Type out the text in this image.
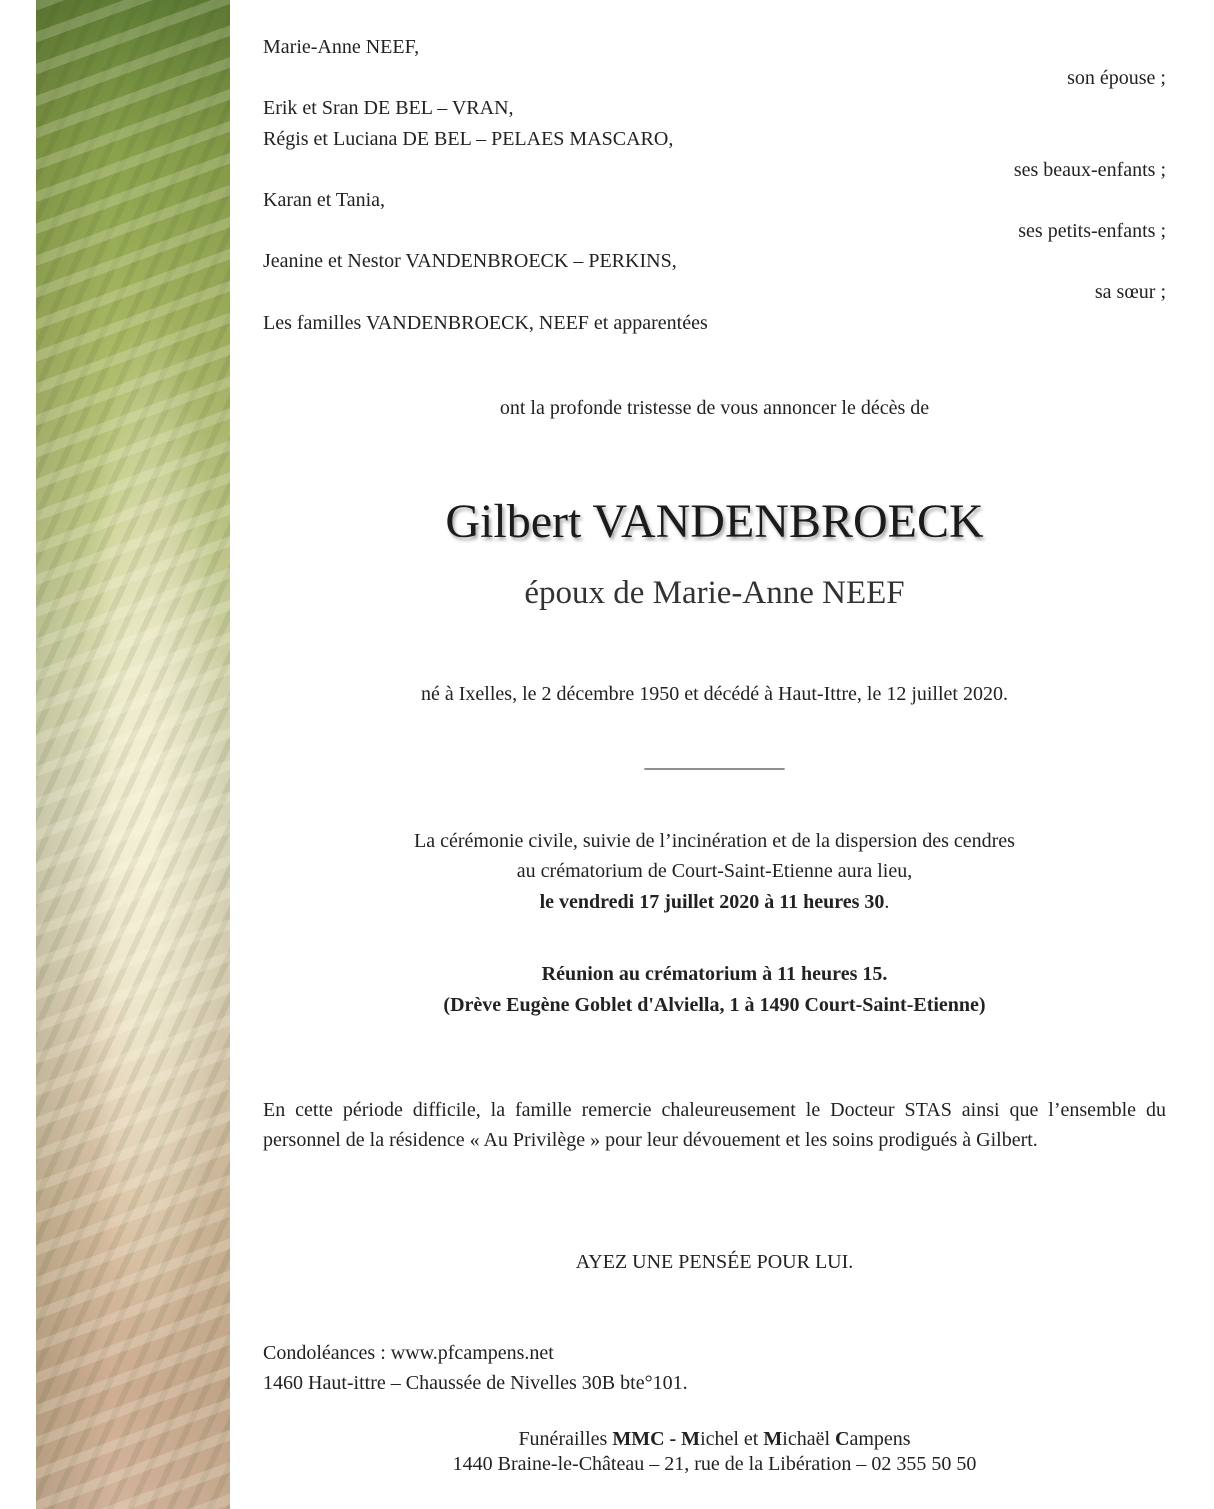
Marie-Anne NEEF,
son épouse ;
Erik et Sran DE BEL – VRAN,
Régis et Luciana DE BEL – PELAES MASCARO,
ses beaux-enfants ;
Karan et Tania,
ses petits-enfants ;
Jeanine et Nestor VANDENBROECK – PERKINS,
sa sœur ;
Les familles VANDENBROECK, NEEF et apparentées
ont la profonde tristesse de vous annoncer le décès de
Gilbert VANDENBROECK
époux de Marie-Anne NEEF
né à Ixelles, le 2 décembre 1950 et décédé à Haut-Ittre, le 12 juillet 2020.
______________
La cérémonie civile, suivie de l’incinération et de la dispersion des cendres
au crématorium de Court-Saint-Etienne aura lieu,
le vendredi 17 juillet 2020 à 11 heures 30.
Réunion au crématorium à 11 heures 15.
(Drève Eugène Goblet d'Alviella, 1 à 1490 Court-Saint-Etienne)
En cette période difficile, la famille remercie chaleureusement le Docteur STAS ainsi que l’ensemble du personnel de la résidence « Au Privilège » pour leur dévouement et les soins prodigués à Gilbert.
AYEZ UNE PENSÉE POUR LUI.
Condoléances : www.pfcampens.net
1460 Haut-ittre – Chaussée de Nivelles 30B bte°101.
Funérailles MMC - Michel et Michaël Campens
1440 Braine-le-Château – 21, rue de la Libération – 02 355 50 50
